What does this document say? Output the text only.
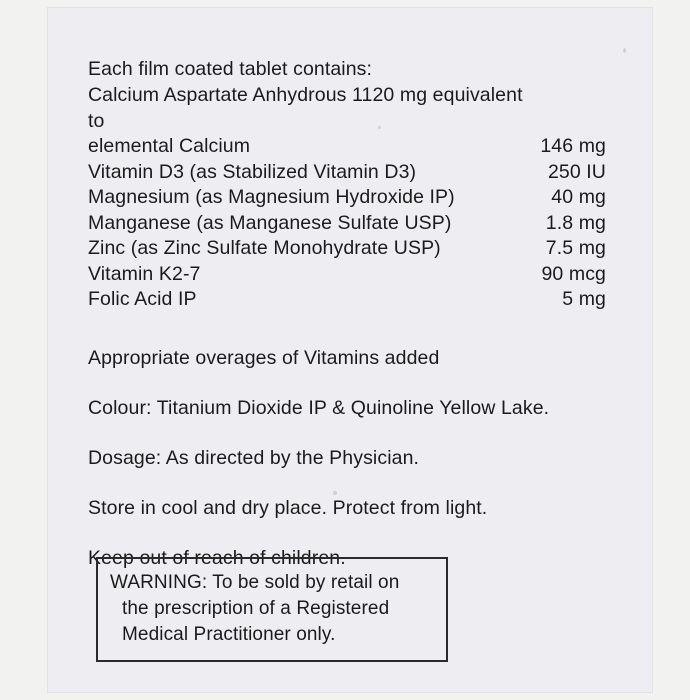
Each film coated tablet contains:
Calcium Aspartate Anhydrous 1120 mg equivalent to
elemental Calcium	146 mg
Vitamin D3 (as Stabilized Vitamin D3)	250 IU
Magnesium (as Magnesium Hydroxide IP)	40 mg
Manganese (as Manganese Sulfate USP)	1.8 mg
Zinc (as Zinc Sulfate Monohydrate USP)	7.5 mg
Vitamin K2-7	90 mcg
Folic Acid IP	5 mg
Appropriate overages of Vitamins added
Colour: Titanium Dioxide IP & Quinoline Yellow Lake.
Dosage: As directed by the Physician.
Store in cool and dry place. Protect from light.
Keep out of reach of children.
WARNING: To be sold by retail on
the prescription of a Registered
Medical Practitioner only.
